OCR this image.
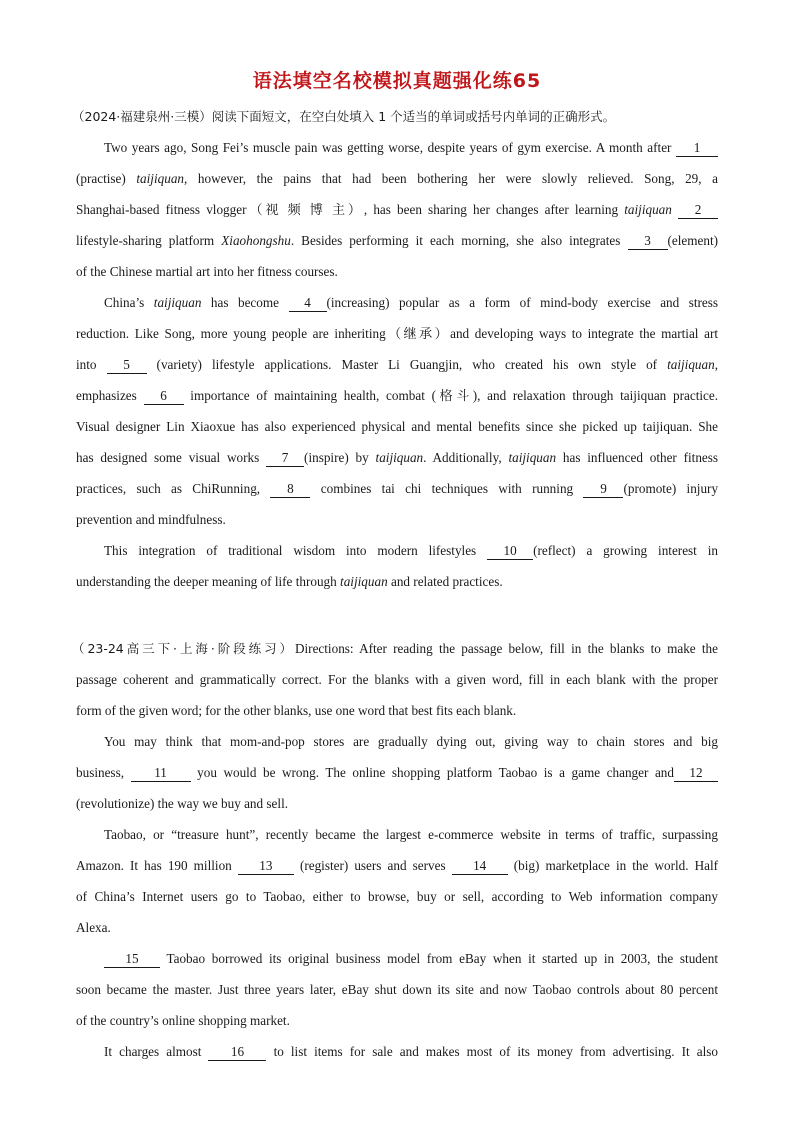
语法填空名校模拟真题强化练65
（2024·福建泉州·三模）阅读下面短文，在空白处填入 1 个适当的单词或括号内单词的正确形式。
Two years ago, Song Fei’s muscle pain was getting worse, despite years of gym exercise. A month after 1
(practise) taijiquan, however, the pains that had been bothering her were slowly relieved. Song, 29, a
Shanghai-based fitness vlogger（视 频 博 主）, has been sharing her changes after learning taijiquan 2
lifestyle-sharing platform Xiaohongshu. Besides performing it each morning, she also integrates 3 (element)
of the Chinese martial art into her fitness courses.
China’s taijiquan has become 4 (increasing) popular as a form of mind-body exercise and stress
reduction. Like Song, more young people are inheriting（继承）and developing ways to integrate the martial art
into 5 (variety) lifestyle applications. Master Li Guangjin, who created his own style of taijiquan,
emphasizes 6 importance of maintaining health, combat (格斗), and relaxation through taijiquan practice.
Visual designer Lin Xiaoxue has also experienced physical and mental benefits since she picked up taijiquan. She
has designed some visual works 7 (inspire) by taijiquan. Additionally, taijiquan has influenced other fitness
practices, such as ChiRunning, 8 combines tai chi techniques with running 9 (promote) injury
prevention and mindfulness.
This integration of traditional wisdom into modern lifestyles 10 (reflect) a growing interest in
understanding the deeper meaning of life through taijiquan and related practices.
（23-24高三下·上海·阶段练习）Directions: After reading the passage below, fill in the blanks to make the
passage coherent and grammatically correct. For the blanks with a given word, fill in each blank with the proper
form of the given word; for the other blanks, use one word that best fits each blank.
You may think that mom-and-pop stores are gradually dying out, giving way to chain stores and big
business, 11 you would be wrong. The online shopping platform Taobao is a game changer and 12
(revolutionize) the way we buy and sell.
Taobao, or “treasure hunt”, recently became the largest e-commerce website in terms of traffic, surpassing
Amazon. It has 190 million 13 (register) users and serves 14 (big) marketplace in the world. Half
of China’s Internet users go to Taobao, either to browse, buy or sell, according to Web information company
Alexa.
15 Taobao borrowed its original business model from eBay when it started up in 2003, the student
soon became the master. Just three years later, eBay shut down its site and now Taobao controls about 80 percent
of the country’s online shopping market.
It charges almost 16 to list items for sale and makes most of its money from advertising. It also
